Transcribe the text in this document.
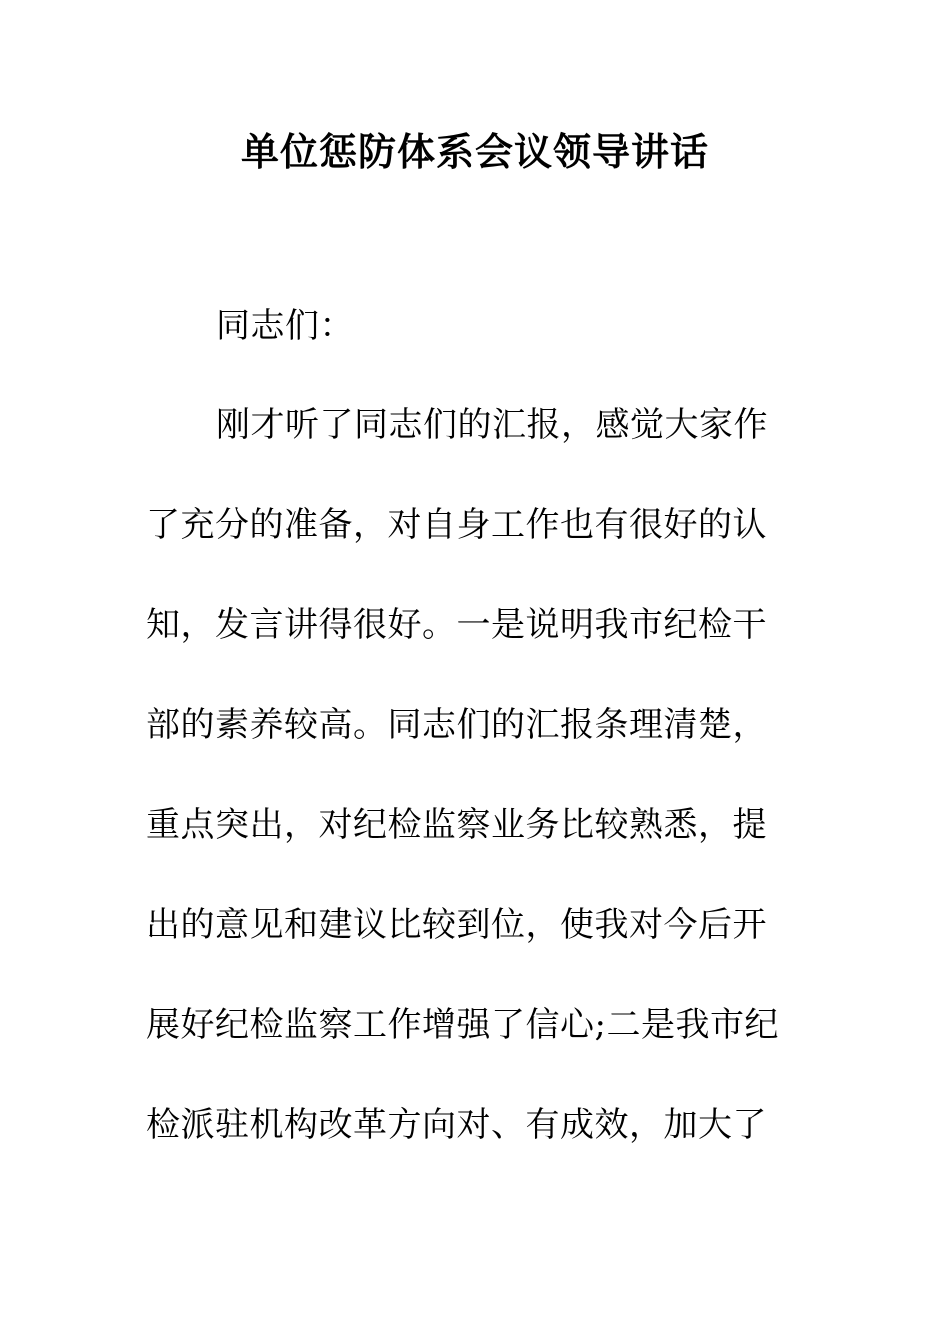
单位惩防体系会议领导讲话
同志们：
刚才听了同志们的汇报，感觉大家作
了充分的准备，对自身工作也有很好的认
知，发言讲得很好。一是说明我市纪检干
部的素养较高。同志们的汇报条理清楚，
重点突出，对纪检监察业务比较熟悉，提
出的意见和建议比较到位，使我对今后开
展好纪检监察工作增强了信心;二是我市纪
检派驻机构改革方向对、有成效，加大了
